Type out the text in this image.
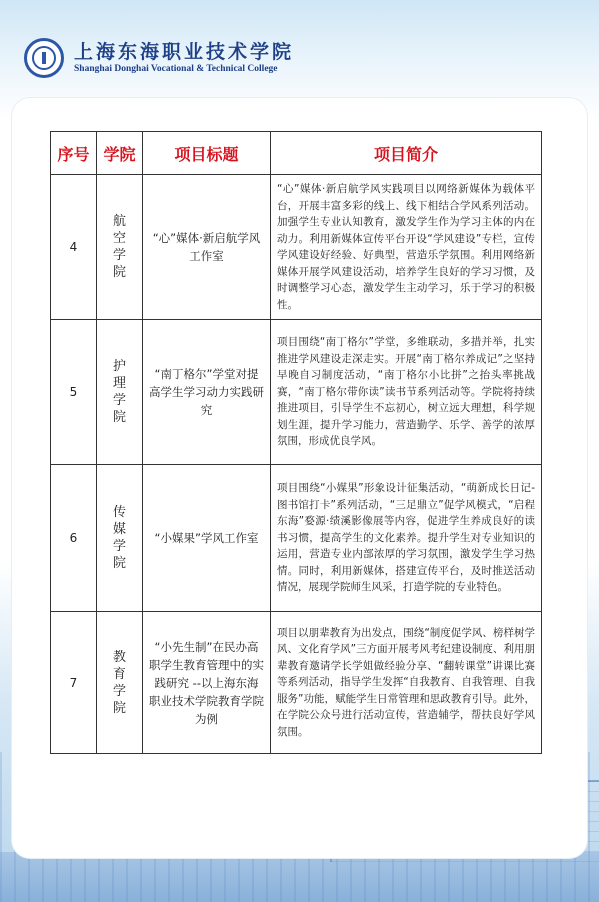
上海东海职业技术学院
Shanghai Donghai Vocational & Technical College
序号	学院	项目标题	项目简介
4	航空学院	“心”媒体·新启航学风工作室	“心”媒体·新启航学风实践项目以网络新媒体为载体平台，开展丰富多彩的线上、线下相结合学风系列活动。加强学生专业认知教育，激发学生作为学习主体的内在动力。利用新媒体宣传平台开设“学风建设”专栏，宣传学风建设好经验、好典型，营造乐学氛围。利用网络新媒体开展学风建设活动，培养学生良好的学习习惯，及时调整学习心态，激发学生主动学习，乐于学习的积极性。
5	护理学院	“南丁格尔”学堂对提高学生学习动力实践研究	项目围绕“南丁格尔”学堂，多维联动，多措并举，扎实推进学风建设走深走实。开展“南丁格尔养成记”之坚持早晚自习制度活动，“南丁格尔小比拼”之抬头率挑战赛，“南丁格尔带你读”读书节系列活动等。学院将持续推进项目，引导学生不忘初心，树立远大理想，科学规划生涯，提升学习能力，营造勤学、乐学、善学的浓厚氛围，形成优良学风。
6	传媒学院	“小媒果”学风工作室	项目围绕“小媒果”形象设计征集活动，“萌新成长日记-图书馆打卡”系列活动，“三足鼎立”促学风模式，“启程东海”婺源·绩溪影像展等内容，促进学生养成良好的读书习惯，提高学生的文化素养。提升学生对专业知识的运用，营造专业内部浓厚的学习氛围，激发学生学习热情。同时，利用新媒体，搭建宣传平台，及时推送活动情况，展现学院师生风采，打造学院的专业特色。
7	教育学院	“小先生制”在民办高职学生教育管理中的实践研究 --以上海东海职业技术学院教育学院为例	项目以朋辈教育为出发点，围绕“制度促学风、榜样树学风、文化育学风”三方面开展考风考纪建设制度、利用朋辈教育邀请学长学姐做经验分享、“翻转课堂”讲课比赛等系列活动，指导学生发挥“自我教育、自我管理、自我服务”功能，赋能学生日常管理和思政教育引导。此外，在学院公众号进行活动宣传，营造辅学，帮扶良好学风氛围。
